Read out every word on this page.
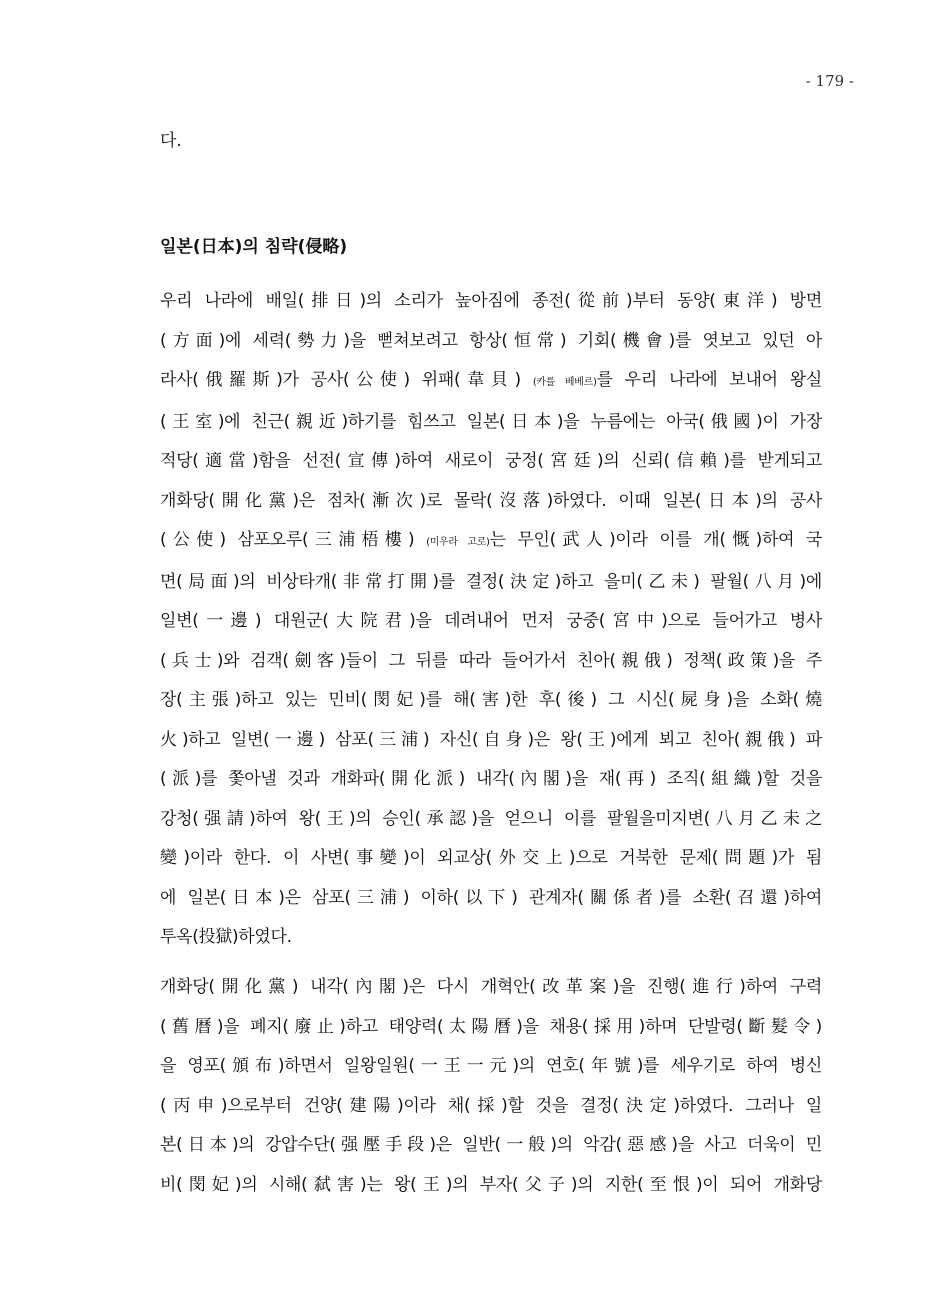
- 179 -
다.
일본(日本)의 침략(侵略)
우리 나라에 배일(排日)의 소리가 높아짐에 종전(從前)부터 동양(東洋) 방면
(方面)에 세력(勢力)을 뻗쳐보려고 항상(恒常) 기회(機會)를 엿보고 있던 아
라사(俄羅斯)가 공사(公使) 위패(韋貝) (카를 베베르)를 우리 나라에 보내어 왕실
(王室)에 친근(親近)하기를 힘쓰고 일본(日本)을 누름에는 아국(俄國)이 가장
적당(適當)함을 선전(宣傳)하여 새로이 궁정(宮廷)의 신뢰(信賴)를 받게되고
개화당(開化黨)은 점차(漸次)로 몰락(沒落)하였다. 이때 일본(日本)의 공사
(公使) 삼포오루(三浦梧樓) (미우라 고로)는 무인(武人)이라 이를 개(慨)하여 국
면(局面)의 비상타개(非常打開)를 결정(決定)하고 을미(乙未) 팔월(八月)에
일변(一邊) 대원군(大院君)을 데려내어 먼저 궁중(宮中)으로 들어가고 병사
(兵士)와 검객(劍客)들이 그 뒤를 따라 들어가서 친아(親俄) 정책(政策)을 주
장(主張)하고 있는 민비(閔妃)를 해(害)한 후(後) 그 시신(屍身)을 소화(燒
火)하고 일변(一邊) 삼포(三浦) 자신(自身)은 왕(王)에게 뵈고 친아(親俄) 파
(派)를 쫓아낼 것과 개화파(開化派) 내각(內閣)을 재(再) 조직(組織)할 것을
강청(强請)하여 왕(王)의 승인(承認)을 얻으니 이를 팔월을미지변(八月乙未之
變)이라 한다. 이 사변(事變)이 외교상(外交上)으로 거북한 문제(問題)가 됨
에 일본(日本)은 삼포(三浦) 이하(以下) 관계자(關係者)를 소환(召還)하여
투옥(投獄)하였다.
개화당(開化黨) 내각(內閣)은 다시 개혁안(改革案)을 진행(進行)하여 구력
(舊曆)을 폐지(廢止)하고 태양력(太陽曆)을 채용(採用)하며 단발령(斷髮令)
을 영포(頒布)하면서 일왕일원(一王一元)의 연호(年號)를 세우기로 하여 병신
(丙申)으로부터 건양(建陽)이라 채(採)할 것을 결정(決定)하였다. 그러나 일
본(日本)의 강압수단(强壓手段)은 일반(一般)의 악감(惡感)을 사고 더욱이 민
비(閔妃)의 시해(弑害)는 왕(王)의 부자(父子)의 지한(至恨)이 되어 개화당
